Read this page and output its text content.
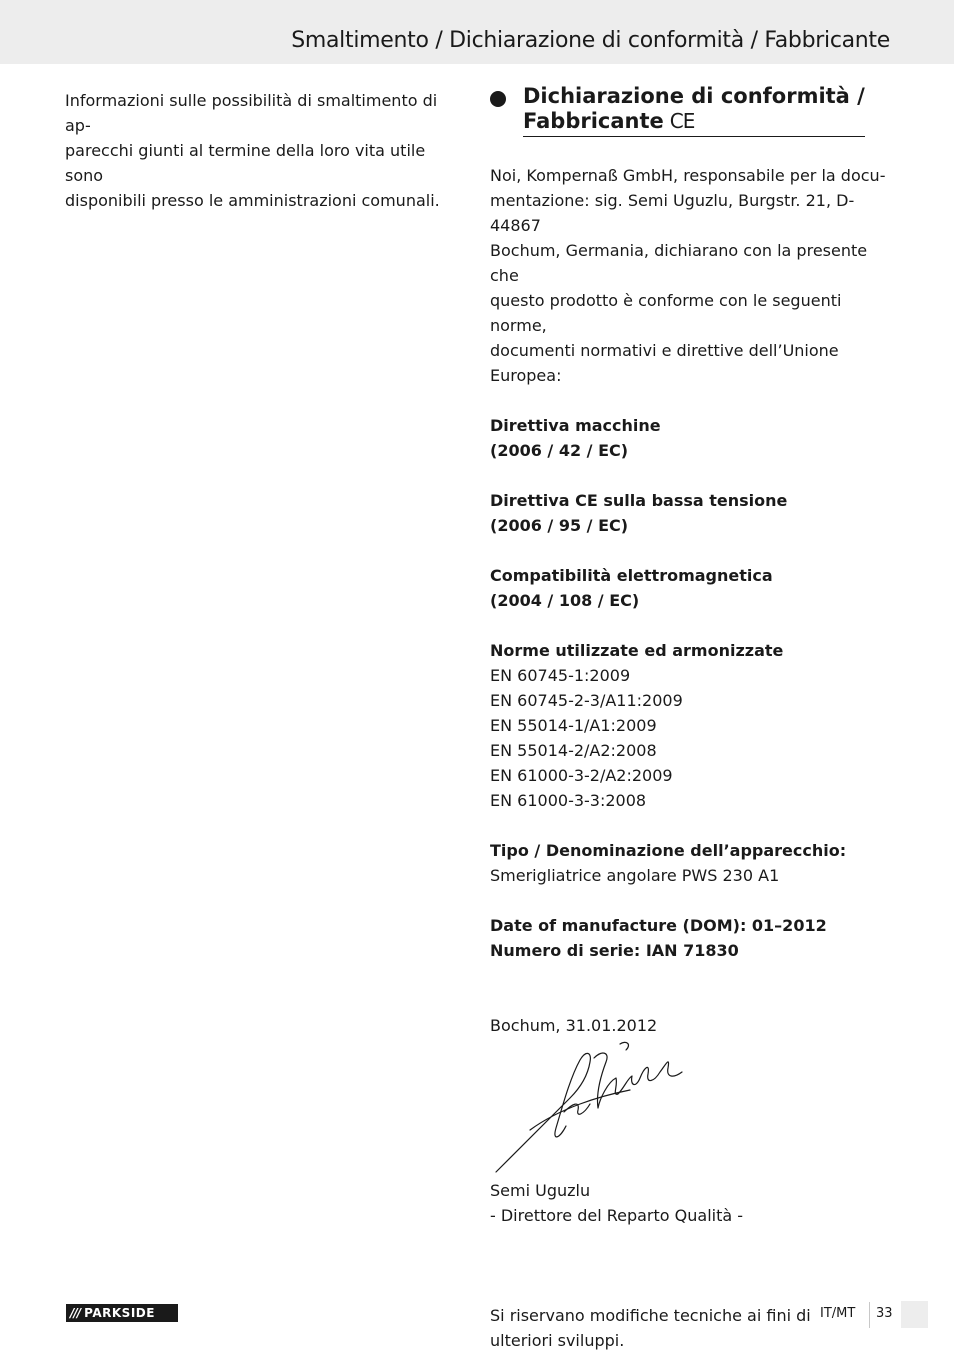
Smaltimento / Dichiarazione di conformità / Fabbricante

Informazioni sulle possibilità di smaltimento di ap-

parecchi giunti al termine della loro vita utile sono

disponibili presso le amministrazioni comunali.

Dichiarazione di conformità /
Fabbricante CE
Noi, Kompernaß GmbH, responsabile per la docu-
mentazione: sig. Semi Uguzlu, Burgstr. 21, D-44867
Bochum, Germania, dichiarano con la presente che
questo prodotto è conforme con le seguenti norme,
documenti normativi e direttive dell’Unione Europea:
Direttiva macchine
(2006 / 42 / EC)
Direttiva CE sulla bassa tensione
(2006 / 95 / EC)
Compatibilità elettromagnetica
(2004 / 108 / EC)
Norme utilizzate ed armonizzate
EN 60745-1:2009
EN 60745-2-3/A11:2009
EN 55014-1/A1:2009
EN 55014-2/A2:2008
EN 61000-3-2/A2:2009
EN 61000-3-3:2008
Tipo / Denominazione dell’apparecchio:
Smerigliatrice angolare PWS 230 A1
Date of manufacture (DOM): 01–2012
Numero di serie: IAN 71830

Bochum, 31.01.2012

Semi Uguzlu
- Direttore del Reparto Qualità -
Si riservano modifiche tecniche ai fini di
ulteriori sviluppi.
/// PARKSIDE	IT/MT 33
